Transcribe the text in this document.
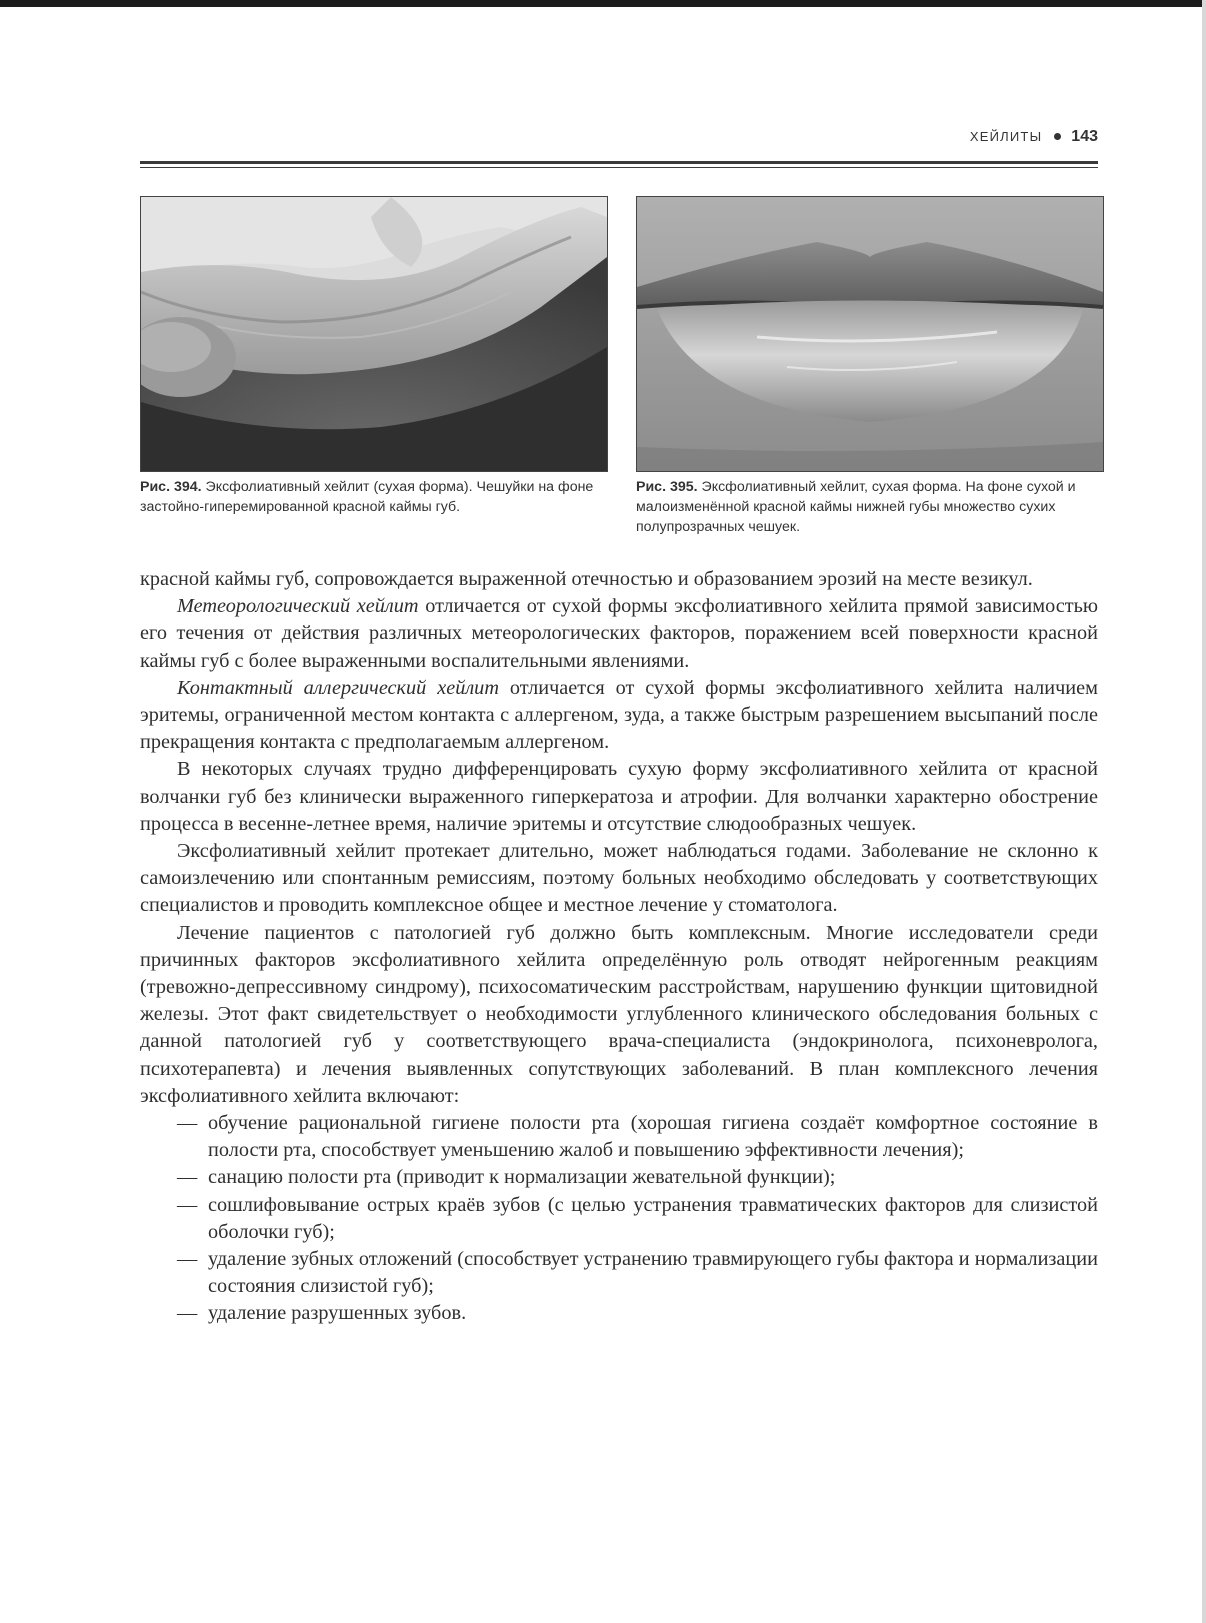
ХЕЙЛИТЫ 143
Рис. 394. Эксфолиативный хейлит (сухая форма). Чешуйки на фоне застойно-гиперемированной красной каймы губ.
Рис. 395. Эксфолиативный хейлит, сухая форма. На фоне сухой и малоизменённой красной каймы нижней губы множество сухих полупрозрачных чешуек.

красной каймы губ, сопровождается выраженной отечностью и образованием эрозий на месте везикул.

Метеорологический хейлит отличается от сухой формы эксфолиативного хейлита прямой зависимостью его течения от действия различных метеорологических факторов, поражением всей поверхности красной каймы губ с более выраженными воспалительными явлениями.

Контактный аллергический хейлит отличается от сухой формы эксфолиативного хейлита наличием эритемы, ограниченной местом контакта с аллергеном, зуда, а также быстрым разрешением высыпаний после прекращения контакта с предполагаемым аллергеном.

В некоторых случаях трудно дифференцировать сухую форму эксфолиативного хейлита от красной волчанки губ без клинически выраженного гиперкератоза и атрофии. Для волчанки характерно обострение процесса в весенне-летнее время, наличие эритемы и отсутствие слюдообразных чешуек.

Эксфолиативный хейлит протекает длительно, может наблюдаться годами. Заболевание не склонно к самоизлечению или спонтанным ремиссиям, поэтому больных необходимо обследовать у соответствующих специалистов и проводить комплексное общее и местное лечение у стоматолога.

Лечение пациентов с патологией губ должно быть комплексным. Многие исследователи среди причинных факторов эксфолиативного хейлита определённую роль отводят нейрогенным реакциям (тревожно-депрессивному синдрому), психосоматическим расстройствам, нарушению функции щитовидной железы. Этот факт свидетельствует о необходимости углубленного клинического обследования больных с данной патологией губ у соответствующего врача-специалиста (эндокринолога, психоневролога, психотерапевта) и лечения выявленных сопутствующих заболеваний. В план комплексного лечения эксфолиативного хейлита включают:

— обучение рациональной гигиене полости рта (хорошая гигиена создаёт комфортное состояние в полости рта, способствует уменьшению жалоб и повышению эффективности лечения);
— санацию полости рта (приводит к нормализации жевательной функции);
— сошлифовывание острых краёв зубов (с целью устранения травматических факторов для слизистой оболочки губ);
— удаление зубных отложений (способствует устранению травмирующего губы фактора и нормализации состояния слизистой губ);
— удаление разрушенных зубов.
